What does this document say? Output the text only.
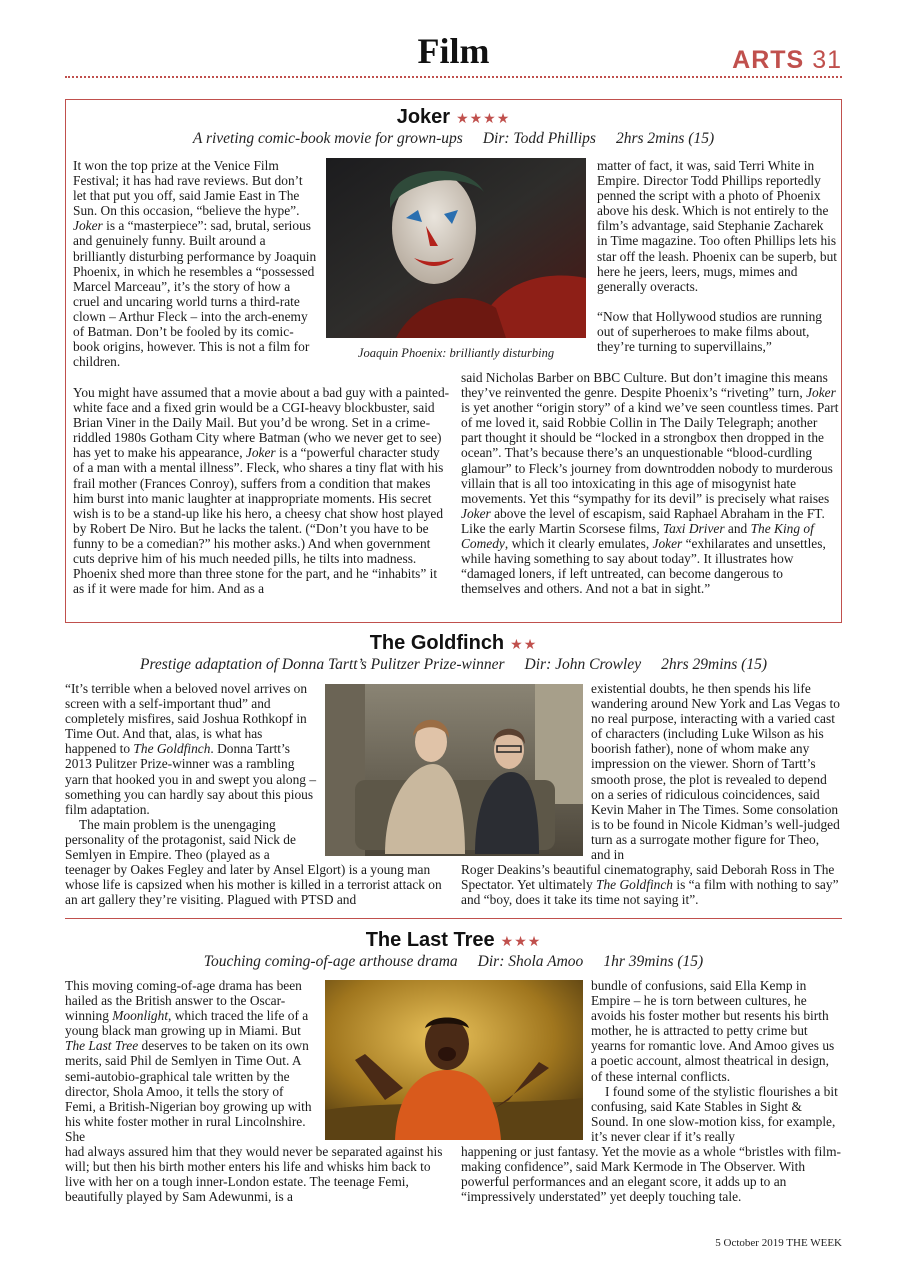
Film	ARTS 31
Joker ★★★★
A riveting comic-book movie for grown-ups Dir: Todd Phillips 2hrs 2mins (15)

It won the top prize at the Venice Film Festival; it has had rave reviews. But don’t let that put you off, said Jamie East in The Sun. On this occasion, “believe the hype”. Joker is a “masterpiece”: sad, brutal, serious and genuinely funny. Built around a brilliantly disturbing performance by Joaquin Phoenix, in which he resembles a “possessed Marcel Marceau”, it’s the story of how a cruel and uncaring world turns a third-rate clown – Arthur Fleck – into the arch-enemy of Batman. Don’t be fooled by its comic-book origins, however. This is not a film for children.

Joaquin Phoenix: brilliantly disturbing

matter of fact, it was, said Terri White in Empire. Director Todd Phillips reportedly penned the script with a photo of Phoenix above his desk. Which is not entirely to the film’s advantage, said Stephanie Zacharek in Time magazine. Too often Phillips lets his star off the leash. Phoenix can be superb, but here he jeers, leers, mugs, mimes and generally overacts.

“Now that Hollywood studios are running out of superheroes to make films about, they’re turning to supervillains,”

You might have assumed that a movie about a bad guy with a painted-white face and a fixed grin would be a CGI-heavy blockbuster, said Brian Viner in the Daily Mail. But you’d be wrong. Set in a crime-riddled 1980s Gotham City where Batman (who we never get to see) has yet to make his appearance, Joker is a “powerful character study of a man with a mental illness”. Fleck, who shares a tiny flat with his frail mother (Frances Conroy), suffers from a condition that makes him burst into manic laughter at inappropriate moments. His secret wish is to be a stand-up like his hero, a cheesy chat show host played by Robert De Niro. But he lacks the talent. (“Don’t you have to be funny to be a comedian?” his mother asks.) And when government cuts deprive him of his much needed pills, he tilts into madness. Phoenix shed more than three stone for the part, and he “inhabits” it as if it were made for him. And as a

said Nicholas Barber on BBC Culture. But don’t imagine this means they’ve reinvented the genre. Despite Phoenix’s “riveting” turn, Joker is yet another “origin story” of a kind we’ve seen countless times. Part of me loved it, said Robbie Collin in The Daily Telegraph; another part thought it should be “locked in a strongbox then dropped in the ocean”. That’s because there’s an unquestionable “blood-curdling glamour” to Fleck’s journey from downtrodden nobody to murderous villain that is all too intoxicating in this age of misogynist hate movements. Yet this “sympathy for its devil” is precisely what raises Joker above the level of escapism, said Raphael Abraham in the FT. Like the early Martin Scorsese films, Taxi Driver and The King of Comedy, which it clearly emulates, Joker “exhilarates and unsettles, while having something to say about today”. It illustrates how “damaged loners, if left untreated, can become dangerous to themselves and others. And not a bat in sight.”

The Goldfinch ★★
Prestige adaptation of Donna Tartt’s Pulitzer Prize-winner Dir: John Crowley 2hrs 29mins (15)

“It’s terrible when a beloved novel arrives on screen with a self-important thud” and completely misfires, said Joshua Rothkopf in Time Out. And that, alas, is what has happened to The Goldfinch. Donna Tartt’s 2013 Pulitzer Prize-winner was a rambling yarn that hooked you in and swept you along – something you can hardly say about this pious film adaptation.

The main problem is the unengaging personality of the protagonist, said Nick de Semlyen in Empire. Theo (played as a

existential doubts, he then spends his life wandering around New York and Las Vegas to no real purpose, interacting with a varied cast of characters (including Luke Wilson as his boorish father), none of whom make any impression on the viewer. Shorn of Tartt’s smooth prose, the plot is revealed to depend on a series of ridiculous coincidences, said Kevin Maher in The Times. Some consolation is to be found in Nicole Kidman’s well-judged turn as a surrogate mother figure for Theo, and in

teenager by Oakes Fegley and later by Ansel Elgort) is a young man whose life is capsized when his mother is killed in a terrorist attack on an art gallery they’re visiting. Plagued with PTSD and

Roger Deakins’s beautiful cinematography, said Deborah Ross in The Spectator. Yet ultimately The Goldfinch is “a film with nothing to say” and “boy, does it take its time not saying it”.

The Last Tree ★★★
Touching coming-of-age arthouse drama Dir: Shola Amoo 1hr 39mins (15)

This moving coming-of-age drama has been hailed as the British answer to the Oscar-winning Moonlight, which traced the life of a young black man growing up in Miami. But The Last Tree deserves to be taken on its own merits, said Phil de Semlyen in Time Out. A semi-autobio-graphical tale written by the director, Shola Amoo, it tells the story of Femi, a British-Nigerian boy growing up with his white foster mother in rural Lincolnshire. She

bundle of confusions, said Ella Kemp in Empire – he is torn between cultures, he avoids his foster mother but resents his birth mother, he is attracted to petty crime but yearns for romantic love. And Amoo gives us a poetic account, almost theatrical in design, of these internal conflicts.

I found some of the stylistic flourishes a bit confusing, said Kate Stables in Sight & Sound. In one slow-motion kiss, for example, it’s never clear if it’s really

had always assured him that they would never be separated against his will; but then his birth mother enters his life and whisks him back to live with her on a tough inner-London estate. The teenage Femi, beautifully played by Sam Adewunmi, is a

happening or just fantasy. Yet the movie as a whole “bristles with film-making confidence”, said Mark Kermode in The Observer. With powerful performances and an elegant score, it adds up to an “impressively understated” yet deeply touching tale.

5 October 2019 THE WEEK
